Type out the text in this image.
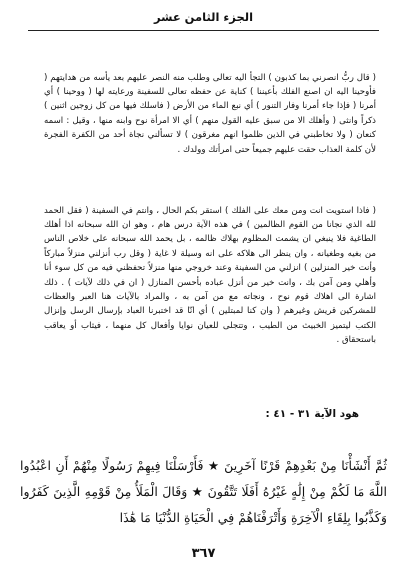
الجزء الثامن عشر

( قال ربُّ انصرني بما كذبون ) التجأ اليه تعالى وطلب منه النصر عليهم بعد يأسه من هدايتهم ( فأوحينا اليه ان اصنع الفلك بأعيننا ) كناية عن حفظه تعالى للسفينة ورعايته لها ( ووحينا ) أي أمرنا ( فإذا جاء أمرنا وفار التنور ) أي نبع الماء من الأرض ( فاسلك فيها من كل زوجين اثنين ) ذكراً وانثى ( وأهلك الا من سبق عليه القول منهم ) أي الا امرأة نوح وابنه منها ، وقيل : اسمه كنعان ( ولا تخاطبني في الذين ظلموا انهم مغرقون ) لا تسألني نجاة أحد من الكفرة الفجرة لأن كلمة العذاب حقت عليهم جميعاً حتى امرأتك وولدك .

( فاذا استويت انت ومن معك على الفلك ) استقر بكم الحال ، وانتم في السفينة ( فقل الحمد لله الذي نجانا من القوم الظالمين ) في هذه الآية درس هام ، وهو ان الله سبحانه اذا أهلك الطاغية فلا ينبغي ان يشمت المظلوم بهلاك ظالمه ، بل يحمد الله سبحانه على خلاص الناس من بغيه وطغيانه ، وان ينظر الى هلاكه على انه وسيلة لا غاية ( وقل رب أنزلني منزلاً مباركاً وأنت خير المنزلين ) انزلني من السفينة وعند خروجي منها منزلاً تحفظني فيه من كل سوء أنا وأهلي ومن آمن بك ، وانت خير من أنزل عباده بأحسن المنازل ( ان في ذلك لآيات ) . ذلك اشارة الى اهلاك قوم نوح ، ونجاته مع من آمن به ، والمراد بالآيات هنا العبر والعظات للمشركين قريش وغيرهم ( وان كنا لمبتلين ) أي انّا قد اختبرنا العباد بإرسال الرسل وإنزال الكتب ليتميز الخبيث من الطيب ، وتتجلى للعيان نوايا وأفعال كل منهما ، فيثاب أو يعاقب باستحقاق .

هود الآية ٣١ - ٤١ :

ثُمَّ أَنْشَأْنَا مِنْ بَعْدِهِمْ قَرْنًا آخَرِينَ ★ فَأَرْسَلْنَا فِيهِمْ رَسُولًا مِنْهُمْ أَنِ اعْبُدُوا اللَّهَ مَا لَكُمْ مِنْ إِلَٰهٍ غَيْرُهُ أَفَلَا تَتَّقُونَ ★ وَقَالَ الْمَلَأُ مِنْ قَوْمِهِ الَّذِينَ كَفَرُوا وَكَذَّبُوا بِلِقَاءِ الْآخِرَةِ وَأَتْرَفْنَاهُمْ فِي الْحَيَاةِ الدُّنْيَا مَا هَٰذَا

٣٦٧
